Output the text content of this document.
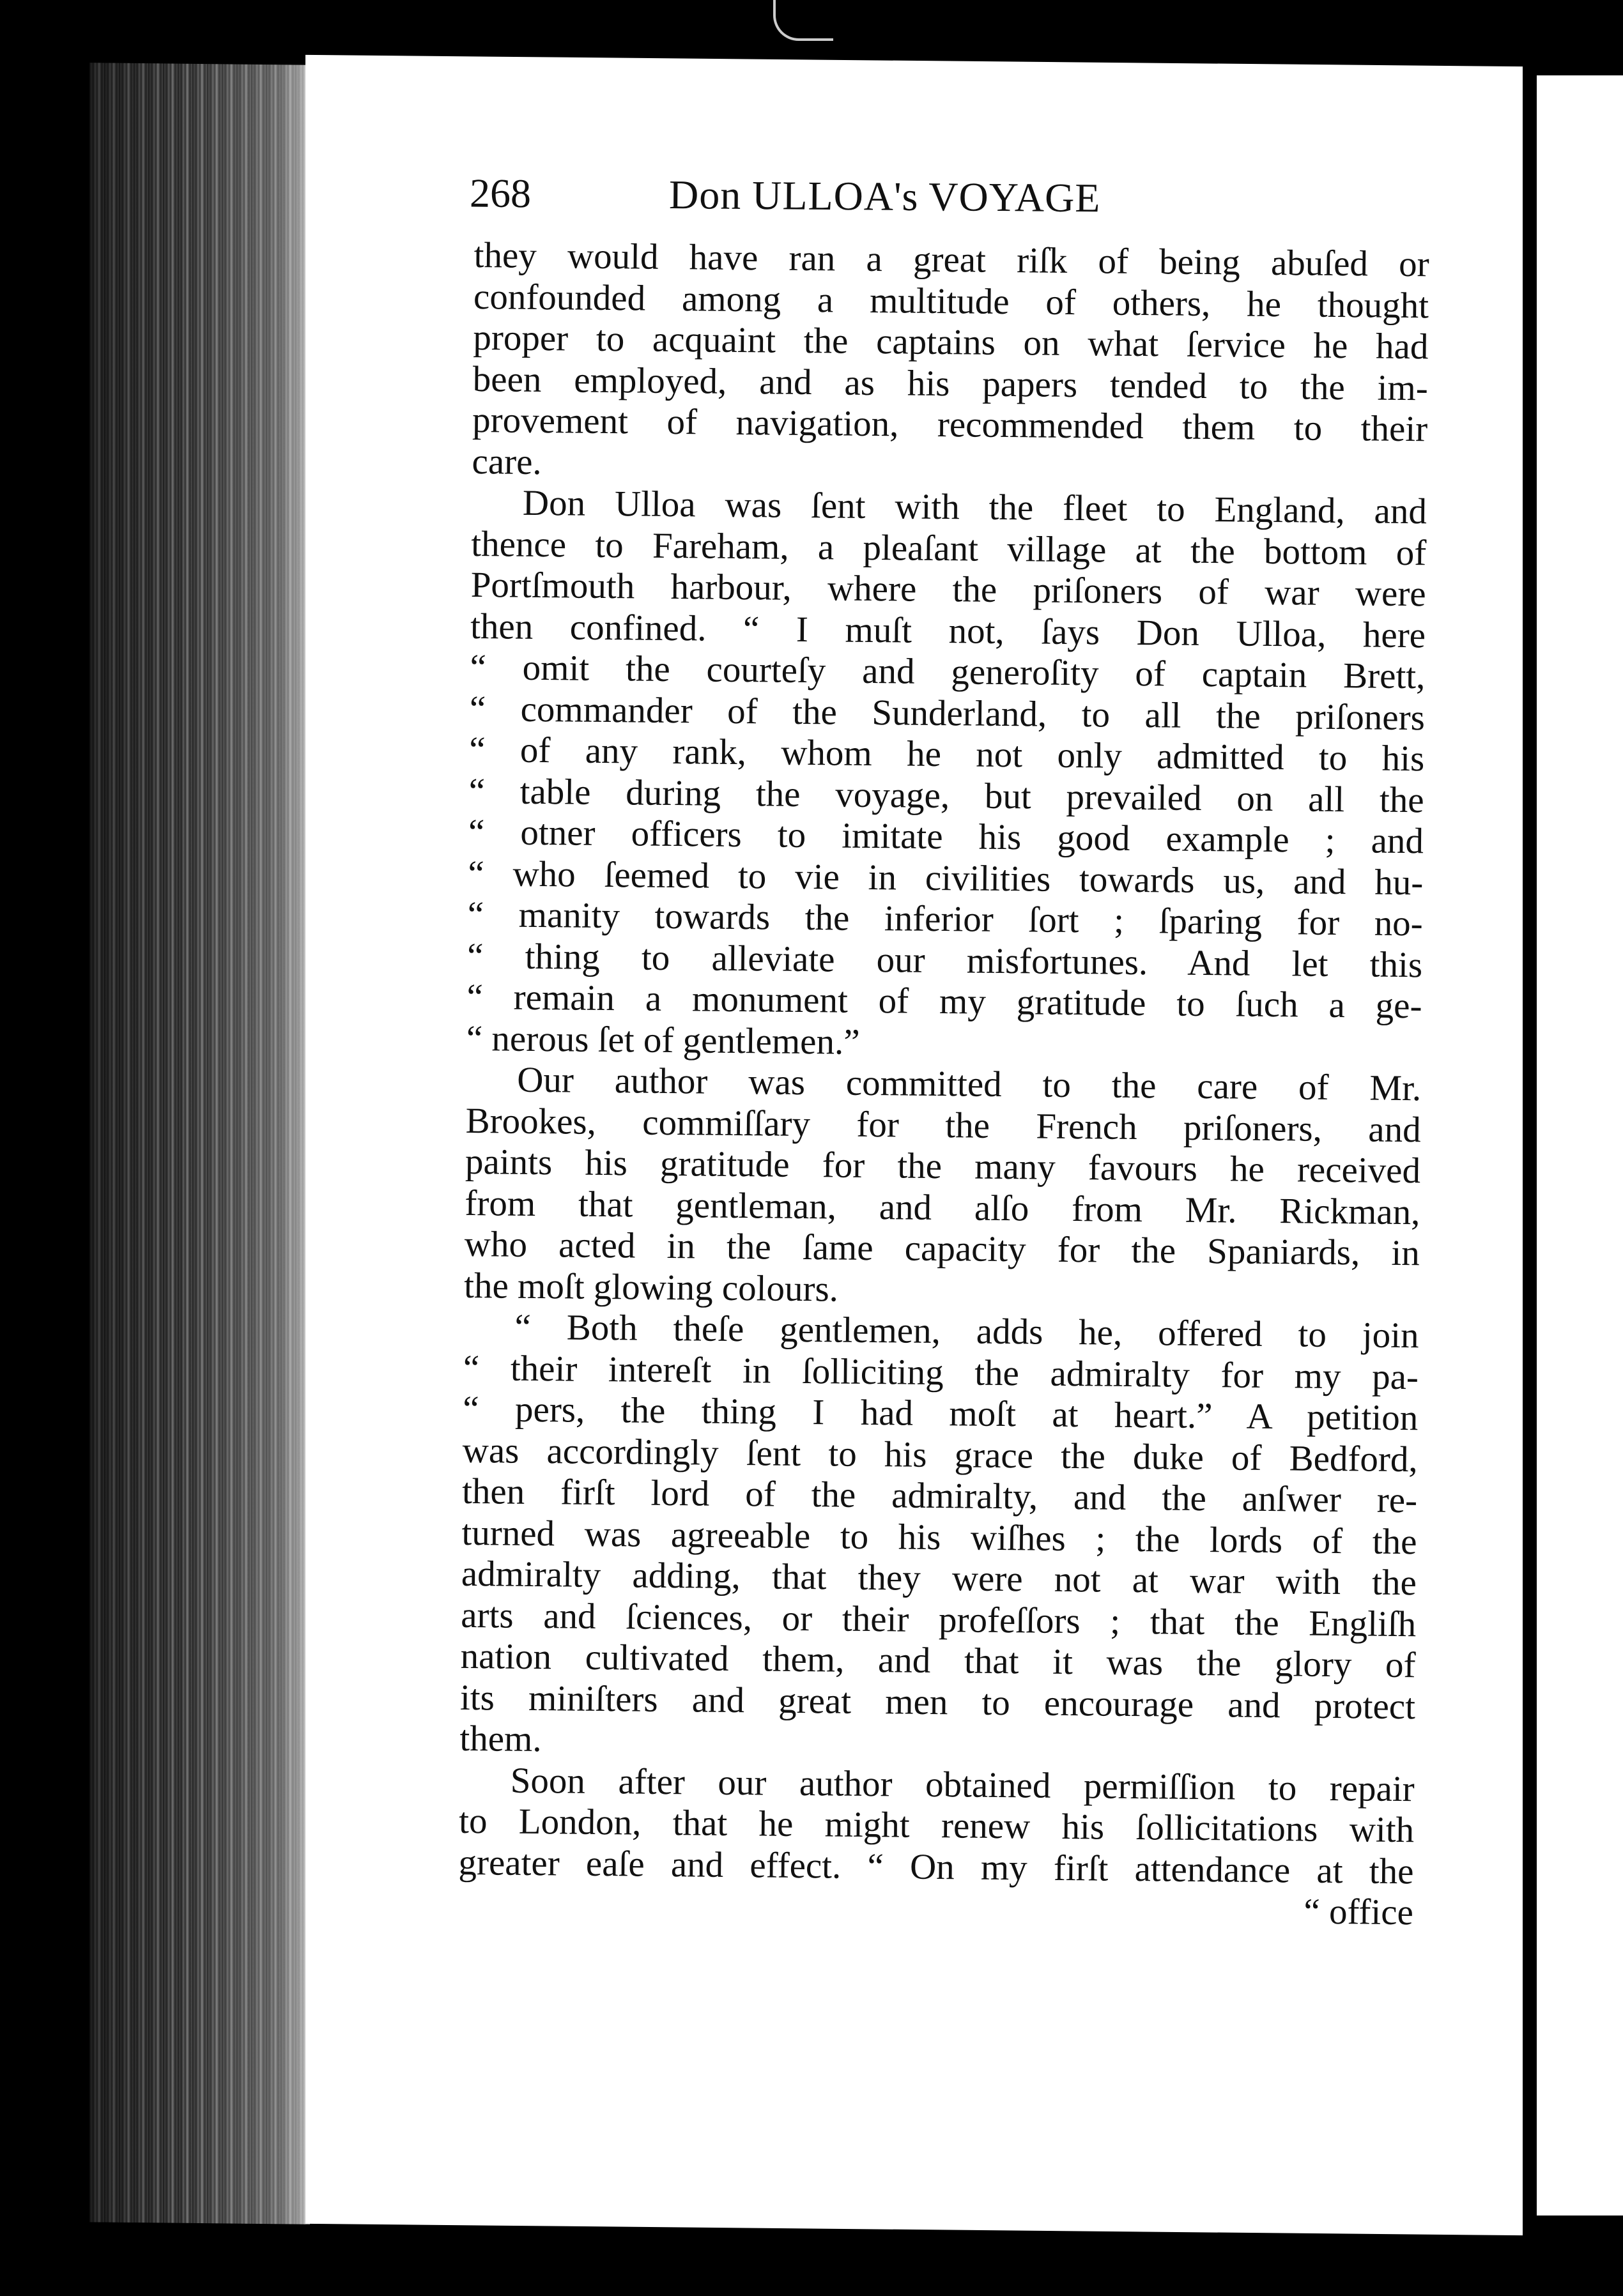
268	Don ULLOA's VOYAGE
they would have ran a great riſk of being abuſed or
confounded among a multitude of others, he thought
proper to acquaint the captains on what ſervice he had
been employed, and as his papers tended to the im-
provement of navigation, recommended them to their
care.
Don Ulloa was ſent with the fleet to England, and
thence to Fareham, a pleaſant village at the bottom of
Portſmouth harbour, where the priſoners of war were
then confined. “ I muſt not, ſays Don Ulloa, here
“ omit the courteſy and generoſity of captain Brett,
“ commander of the Sunderland, to all the priſoners
“ of any rank, whom he not only admitted to his
“ table during the voyage, but prevailed on all the
“ otner officers to imitate his good example ; and
“ who ſeemed to vie in civilities towards us, and hu-
“ manity towards the inferior ſort ; ſparing for no-
“ thing to alleviate our misfortunes. And let this
“ remain a monument of my gratitude to ſuch a ge-
“ nerous ſet of gentlemen.”
Our author was committed to the care of Mr.
Brookes, commiſſary for the French priſoners, and
paints his gratitude for the many favours he received
from that gentleman, and alſo from Mr. Rickman,
who acted in the ſame capacity for the Spaniards, in
the moſt glowing colours.
“ Both theſe gentlemen, adds he, offered to join
“ their intereſt in ſolliciting the admiralty for my pa-
“ pers, the thing I had moſt at heart.” A petition
was accordingly ſent to his grace the duke of Bedford,
then firſt lord of the admiralty, and the anſwer re-
turned was agreeable to his wiſhes ; the lords of the
admiralty adding, that they were not at war with the
arts and ſciences, or their profeſſors ; that the Engliſh
nation cultivated them, and that it was the glory of
its miniſters and great men to encourage and protect
them.
Soon after our author obtained permiſſion to repair
to London, that he might renew his ſollicitations with
greater eaſe and effect. “ On my firſt attendance at the
“ office
